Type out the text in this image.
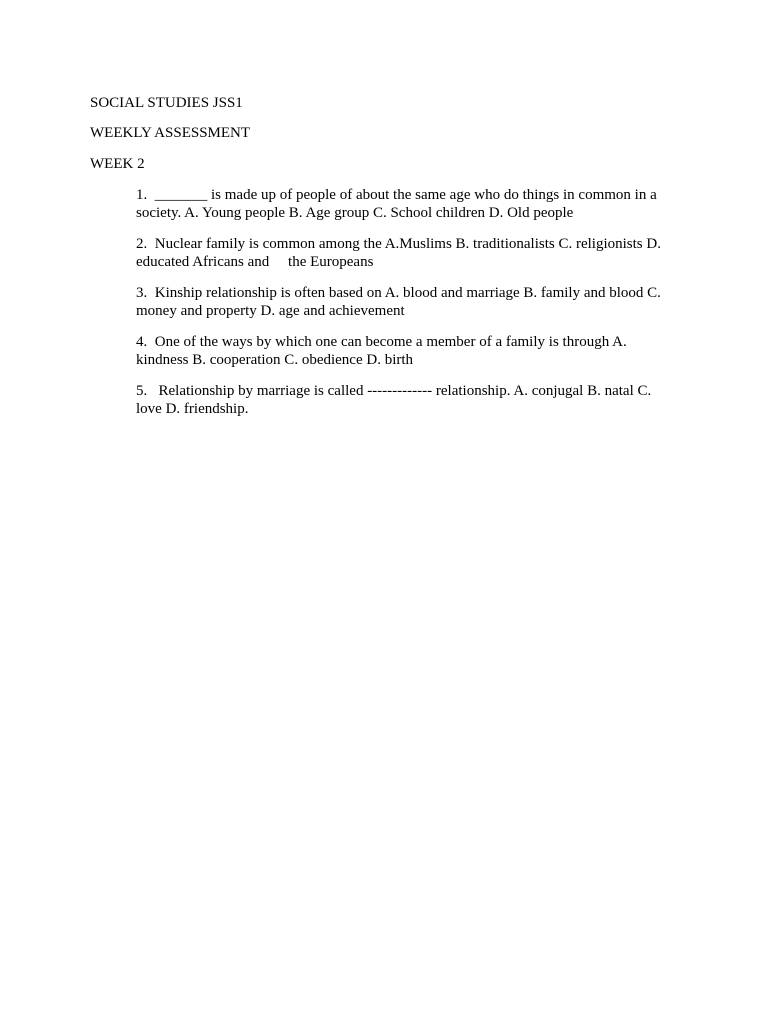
SOCIAL STUDIES JSS1
WEEKLY ASSESSMENT
WEEK 2
1.  _______ is made up of people of about the same age who do things in common in a society. A. Young people B. Age group C. School children D. Old people
2.  Nuclear family is common among the A.Muslims B. traditionalists C. religionists D. educated Africans and     the Europeans
3.  Kinship relationship is often based on A. blood and marriage B. family and blood C. money and property D. age and achievement
4.  One of the ways by which one can become a member of a family is through A. kindness B. cooperation C. obedience D. birth
5.   Relationship by marriage is called ------------- relationship. A. conjugal B. natal C. love D. friendship.
